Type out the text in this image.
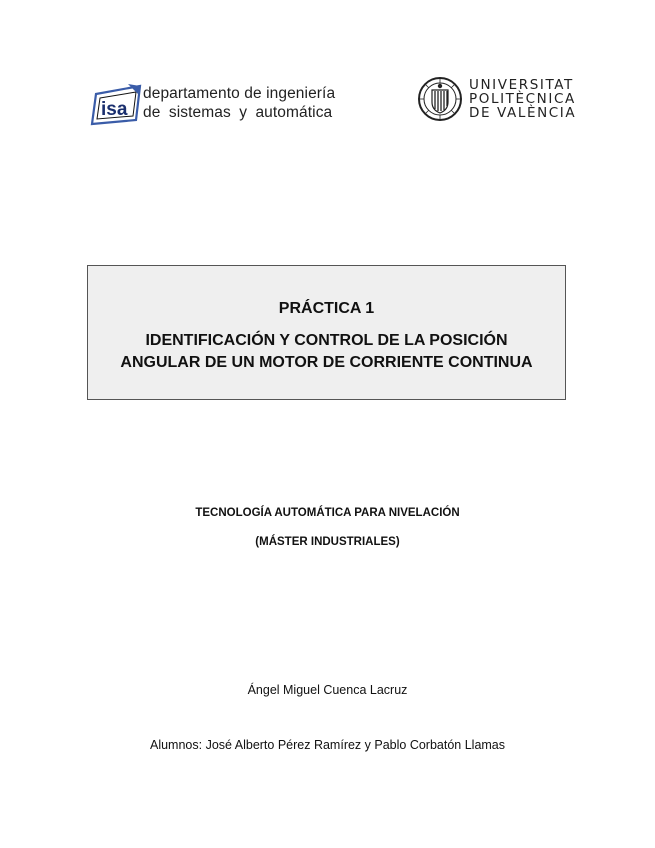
isa
departamento de ingeniería
de sistemas y automática
UNIVERSITAT
POLITÈCNICA
DE VALÈNCIA
PRÁCTICA 1
IDENTIFICACIÓN Y CONTROL DE LA POSICIÓN
ANGULAR DE UN MOTOR DE CORRIENTE CONTINUA
TECNOLOGÍA AUTOMÁTICA PARA NIVELACIÓN
(MÁSTER INDUSTRIALES)
Ángel Miguel Cuenca Lacruz
Alumnos: José Alberto Pérez Ramírez y Pablo Corbatón Llamas
